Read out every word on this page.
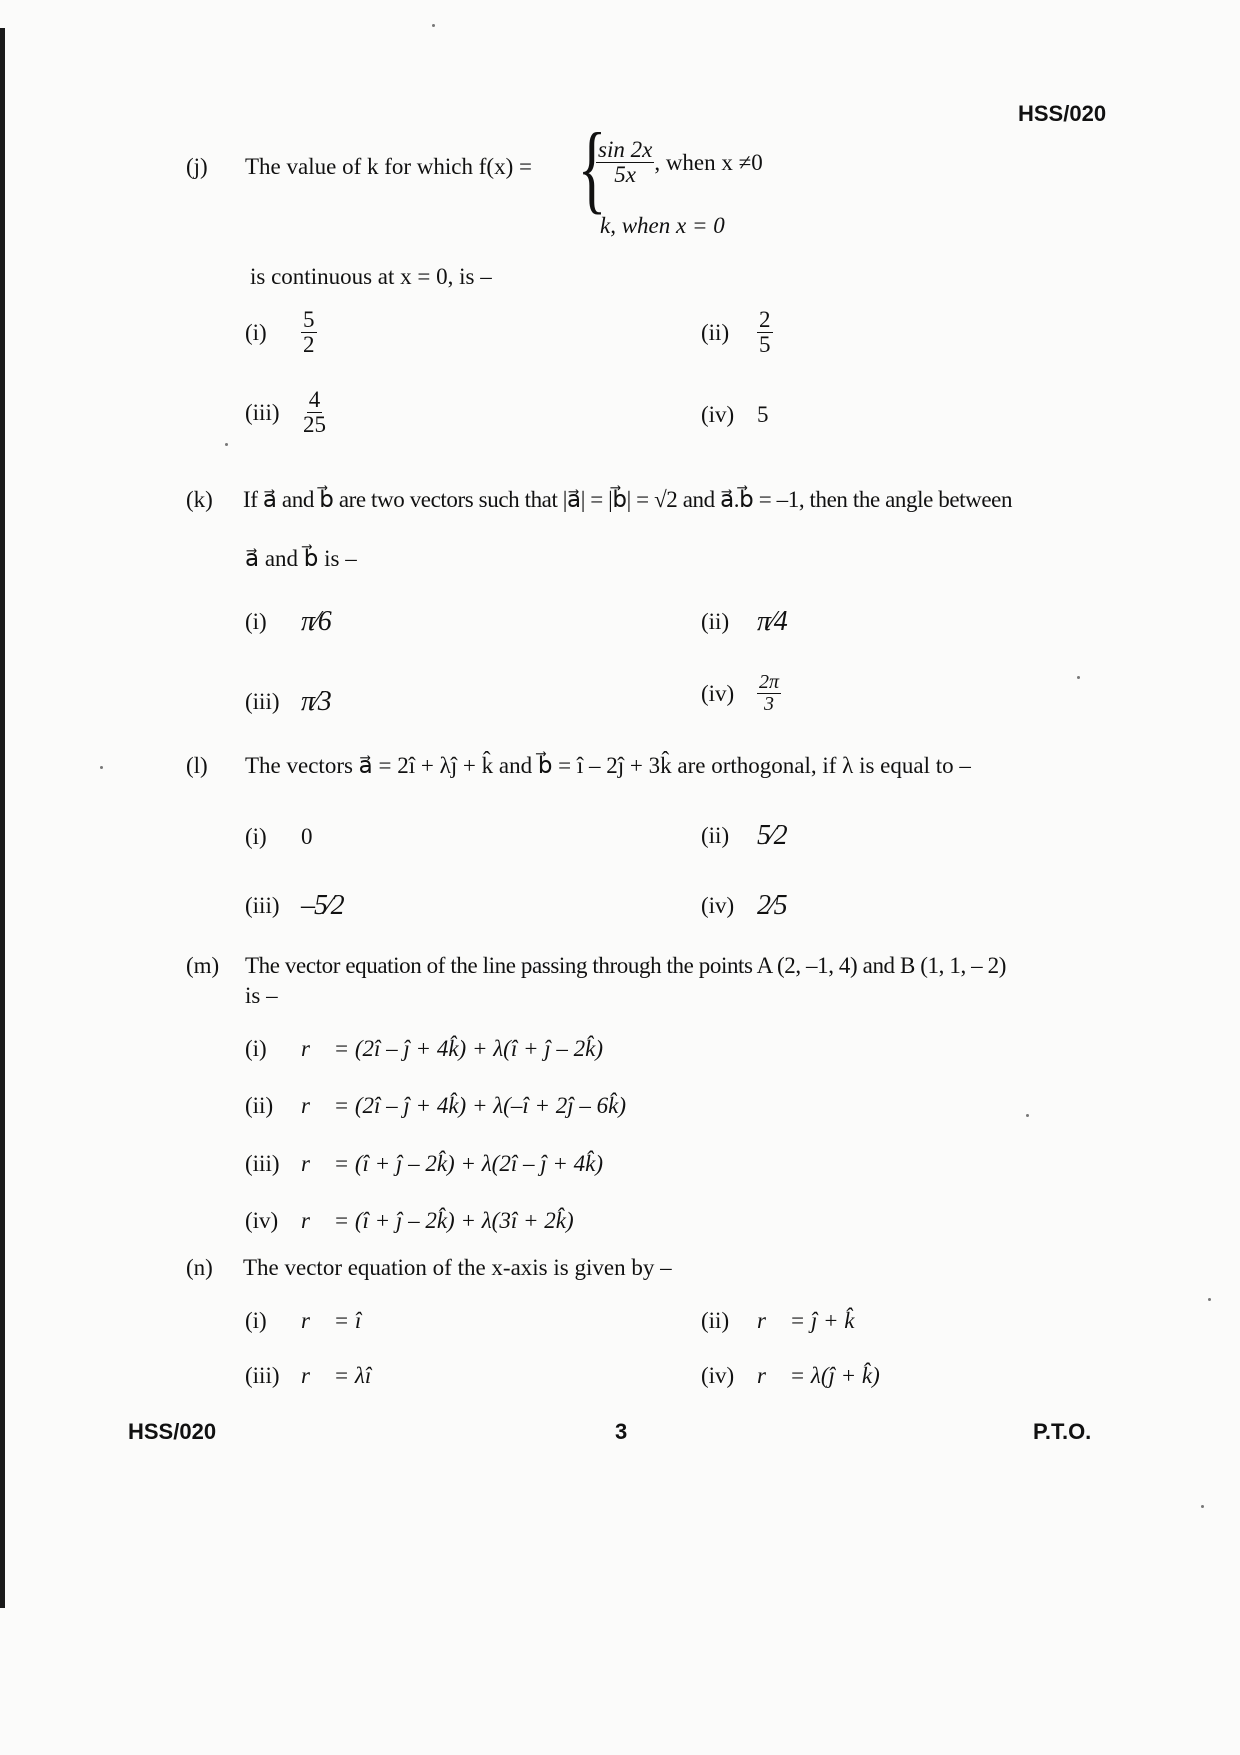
HSS/020
(j) The value of k for which f(x) = {
$\frac{\sin 2x}{5x}$ , when x ≠0
k, when x = 0
is continuous at x = 0, is –
(i)	$\frac{5}{2}$	(ii)	$\frac{2}{5}$
$(iii) \frac{4}{25}$	(iv) 5
(k) If a⃗ and b⃗ are two vectors such that |a⃗| = |b⃗| = √2 and a⃗.b⃗ = –1, then the angle between
a⃗ and b⃗ is –
(i)	π⁄6	(ii) π⁄4
(iii) π⁄3	(iv)	$\frac{2\pi}{3}$
(l) The vectors a⃗ = 2î + λĵ + k̂ and b⃗ = î – 2ĵ + 3k̂ are orthogonal, if λ is equal to –
(i)	0	(ii) 5⁄2
(iii) –5⁄2	(iv) 2⁄5
(m) The vector equation of the line passing through the points A (2, –1, 4) and B (1, 1, – 2)
is –
(i)	r⃗ = (2î – ĵ + 4k̂) + λ(î + ĵ – 2k̂)
(ii)	r⃗ = (2î – ĵ + 4k̂) + λ(–î + 2ĵ – 6k̂)
(iii) r⃗ = (î + ĵ – 2k̂) + λ(2î – ĵ + 4k̂)
(iv) r⃗ = (î + ĵ – 2k̂) + λ(3î + 2k̂)
(n) The vector equation of the x-axis is given by –
(i)	r⃗ = î	(ii)	r⃗ = ĵ + k̂
(iii) r⃗ = λî	(iv) r⃗ = λ(ĵ + k̂)
HSS/020	3	P.T.O.
